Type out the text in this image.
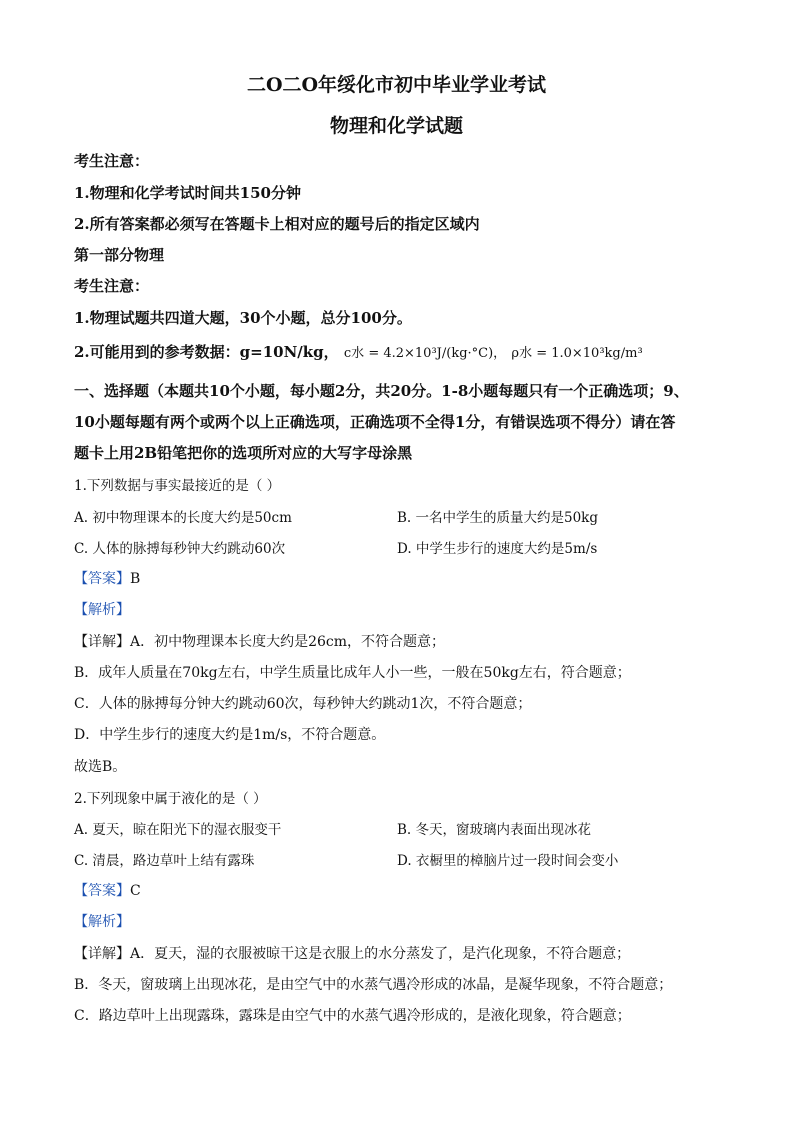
二O二O年绥化市初中毕业学业考试
物理和化学试题
考生注意：
1.物理和化学考试时间共150分钟
2.所有答案都必须写在答题卡上相对应的题号后的指定区域内
第一部分物理
考生注意：
1.物理试题共四道大题，30个小题，总分100分。
2.可能用到的参考数据：g=10N/kg， c水 = 4.2×10³J/(kg·°C)， ρ水 = 1.0×10³kg/m³
一、选择题（本题共10个小题，每小题2分，共20分。1-8小题每题只有一个正确选项；9、
10小题每题有两个或两个以上正确选项，正确选项不全得1分，有错误选项不得分）请在答
题卡上用2B铅笔把你的选项所对应的大写字母涂黑
1.下列数据与事实最接近的是（ ）
A. 初中物理课本的长度大约是50cm	B. 一名中学生的质量大约是50kg
C. 人体的脉搏每秒钟大约跳动60次	D. 中学生步行的速度大约是5m/s
【答案】B
【解析】
【详解】A．初中物理课本长度大约是26cm，不符合题意；
B．成年人质量在70kg左右，中学生质量比成年人小一些，一般在50kg左右，符合题意；
C．人体的脉搏每分钟大约跳动60次，每秒钟大约跳动1次，不符合题意；
D．中学生步行的速度大约是1m/s，不符合题意。
故选B。
2.下列现象中属于液化的是（ ）
A. 夏天，晾在阳光下的湿衣服变干	B. 冬天，窗玻璃内表面出现冰花
C. 清晨，路边草叶上结有露珠	D. 衣橱里的樟脑片过一段时间会变小
【答案】C
【解析】
【详解】A．夏天，湿的衣服被晾干这是衣服上的水分蒸发了，是汽化现象，不符合题意；
B．冬天，窗玻璃上出现冰花，是由空气中的水蒸气遇冷形成的冰晶，是凝华现象，不符合题意；
C．路边草叶上出现露珠，露珠是由空气中的水蒸气遇冷形成的，是液化现象，符合题意；
